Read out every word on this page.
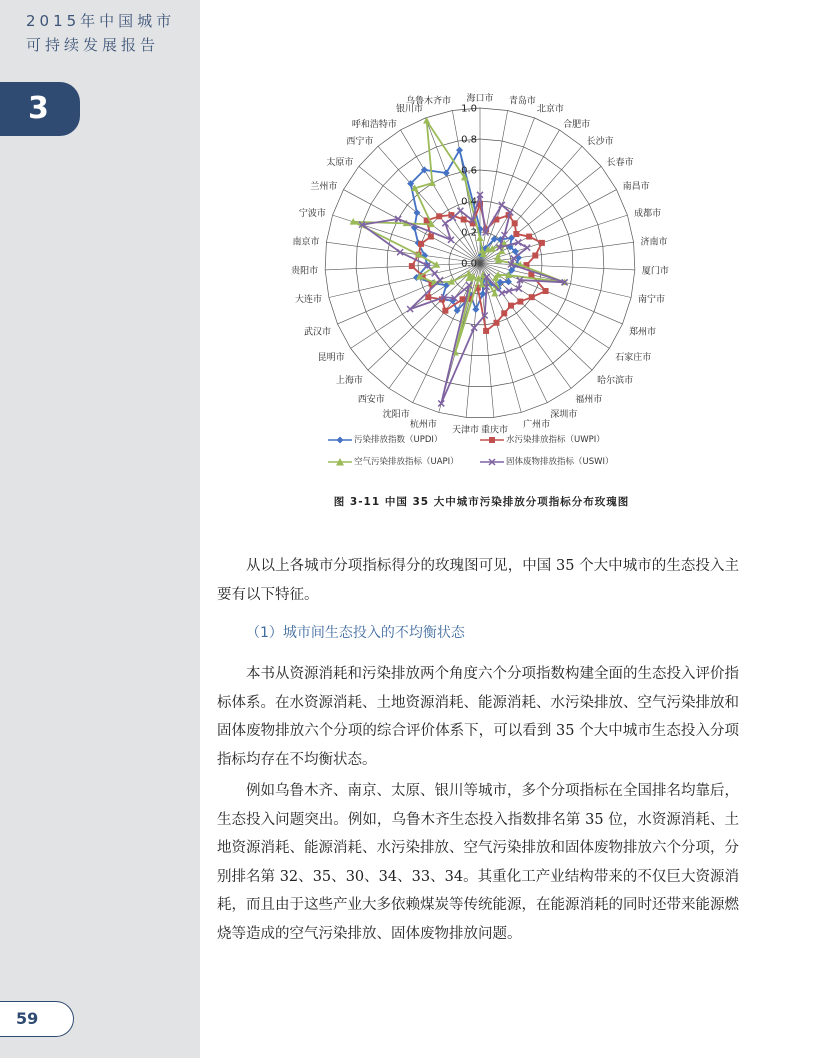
2015年中国城市
可持续发展报告
3
59
0.0
0.2
0.4
0.6
0.8
1.0
海口市 青岛市
北京市
合肥市
长沙市
长春市
南昌市
成都市
济南市
厦门市
南宁市
郑州市
石家庄市
哈尔滨市
福州市
深圳市
广州市
重庆市
天津市
杭州市
沈阳市
西安市
上海市
昆明市
武汉市
大连市
贵阳市
南京市
宁波市
兰州市
太原市
西宁市
呼和浩特市
银川市
乌鲁木齐市
污染排放指数（UPDI）	水污染排放指标（UWPI）
空气污染排放指标（UAPI）	固体废物排放指标（USWI）
图 3-11 中国 35 大中城市污染排放分项指标分布玫瑰图
从以上各城市分项指标得分的玫瑰图可见，中国 35 个大中城市的生态投入主要有以下特征。
（1）城市间生态投入的不均衡状态
本书从资源消耗和污染排放两个角度六个分项指数构建全面的生态投入评价指标体系。在水资源消耗、土地资源消耗、能源消耗、水污染排放、空气污染排放和固体废物排放六个分项的综合评价体系下，可以看到 35 个大中城市生态投入分项指标均存在不均衡状态。
例如乌鲁木齐、南京、太原、银川等城市，多个分项指标在全国排名均靠后，生态投入问题突出。例如，乌鲁木齐生态投入指数排名第 35 位，水资源消耗、土地资源消耗、能源消耗、水污染排放、空气污染排放和固体废物排放六个分项，分别排名第 32、35、30、34、33、34。其重化工产业结构带来的不仅巨大资源消耗，而且由于这些产业大多依赖煤炭等传统能源，在能源消耗的同时还带来能源燃烧等造成的空气污染排放、固体废物排放问题。
